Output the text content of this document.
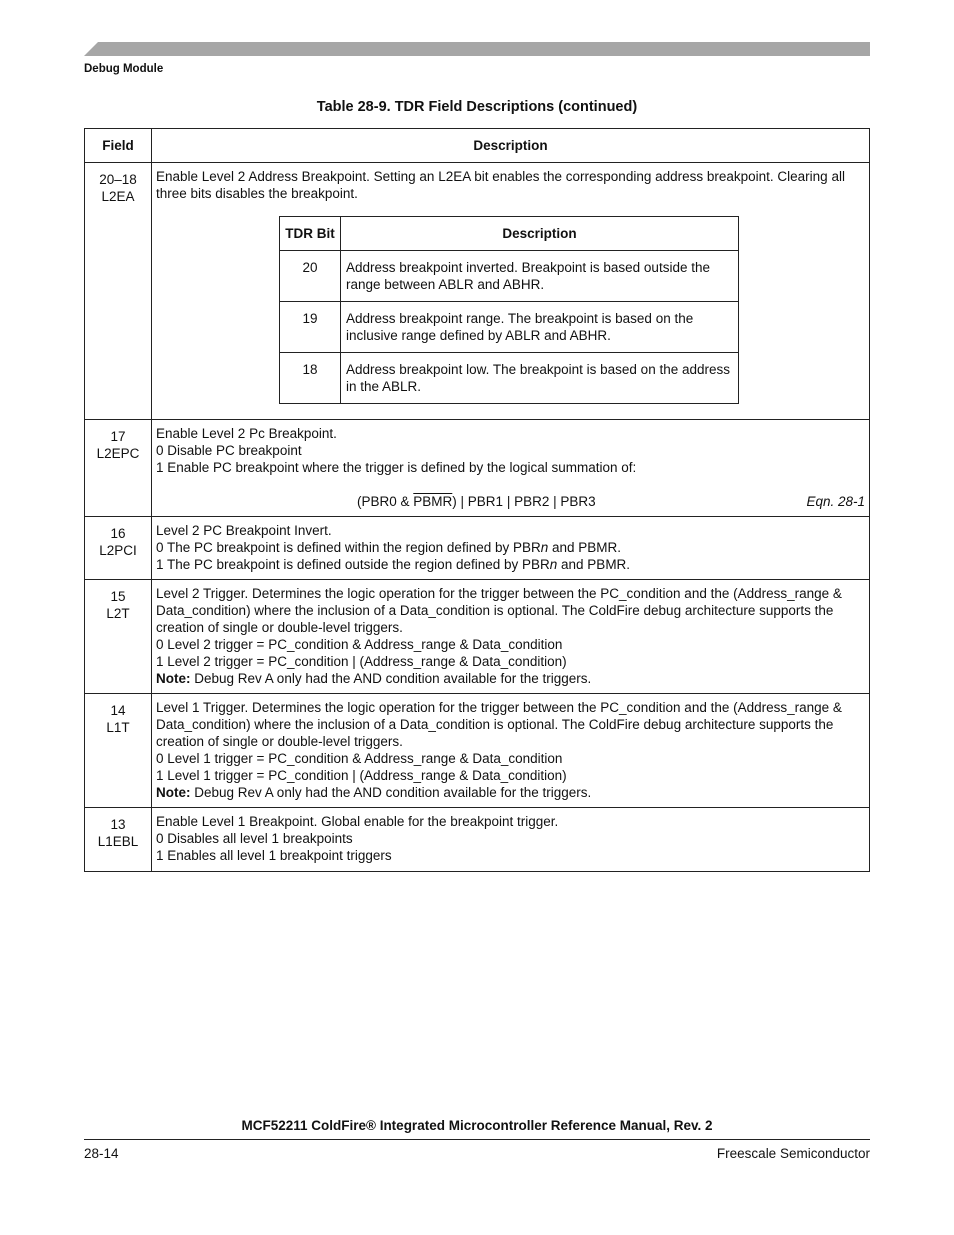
Debug Module
Table 28-9. TDR Field Descriptions (continued)
Field	Description

20–18
L2EA

Enable Level 2 Address Breakpoint. Setting an L2EA bit enables the corresponding address breakpoint. Clearing all three bits disables the breakpoint.
TDR Bit	Description
20	Address breakpoint inverted. Breakpoint is based outside the range between ABLR and ABHR.
19	Address breakpoint range. The breakpoint is based on the inclusive range defined by ABLR and ABHR.
18	Address breakpoint low. The breakpoint is based on the address in the ABLR.

17
L2EPC

Enable Level 2 Pc Breakpoint.
0 Disable PC breakpoint
1 Enable PC breakpoint where the trigger is defined by the logical summation of:
(PBR0 & PBMR) | PBR1 | PBR2 | PBR3	Eqn. 28-1

16
L2PCI

Level 2 PC Breakpoint Invert.
0 The PC breakpoint is defined within the region defined by PBRn and PBMR.
1 The PC breakpoint is defined outside the region defined by PBRn and PBMR.

15
L2T

Level 2 Trigger. Determines the logic operation for the trigger between the PC_condition and the (Address_range & Data_condition) where the inclusion of a Data_condition is optional. The ColdFire debug architecture supports the creation of single or double-level triggers.
0 Level 2 trigger = PC_condition & Address_range & Data_condition
1 Level 2 trigger = PC_condition | (Address_range & Data_condition)
Note: Debug Rev A only had the AND condition available for the triggers.

14
L1T

Level 1 Trigger. Determines the logic operation for the trigger between the PC_condition and the (Address_range & Data_condition) where the inclusion of a Data_condition is optional. The ColdFire debug architecture supports the creation of single or double-level triggers.
0 Level 1 trigger = PC_condition & Address_range & Data_condition
1 Level 1 trigger = PC_condition | (Address_range & Data_condition)
Note: Debug Rev A only had the AND condition available for the triggers.

13
L1EBL

Enable Level 1 Breakpoint. Global enable for the breakpoint trigger.
0 Disables all level 1 breakpoints
1 Enables all level 1 breakpoint triggers
MCF52211 ColdFire® Integrated Microcontroller Reference Manual, Rev. 2
28-14	Freescale Semiconductor
